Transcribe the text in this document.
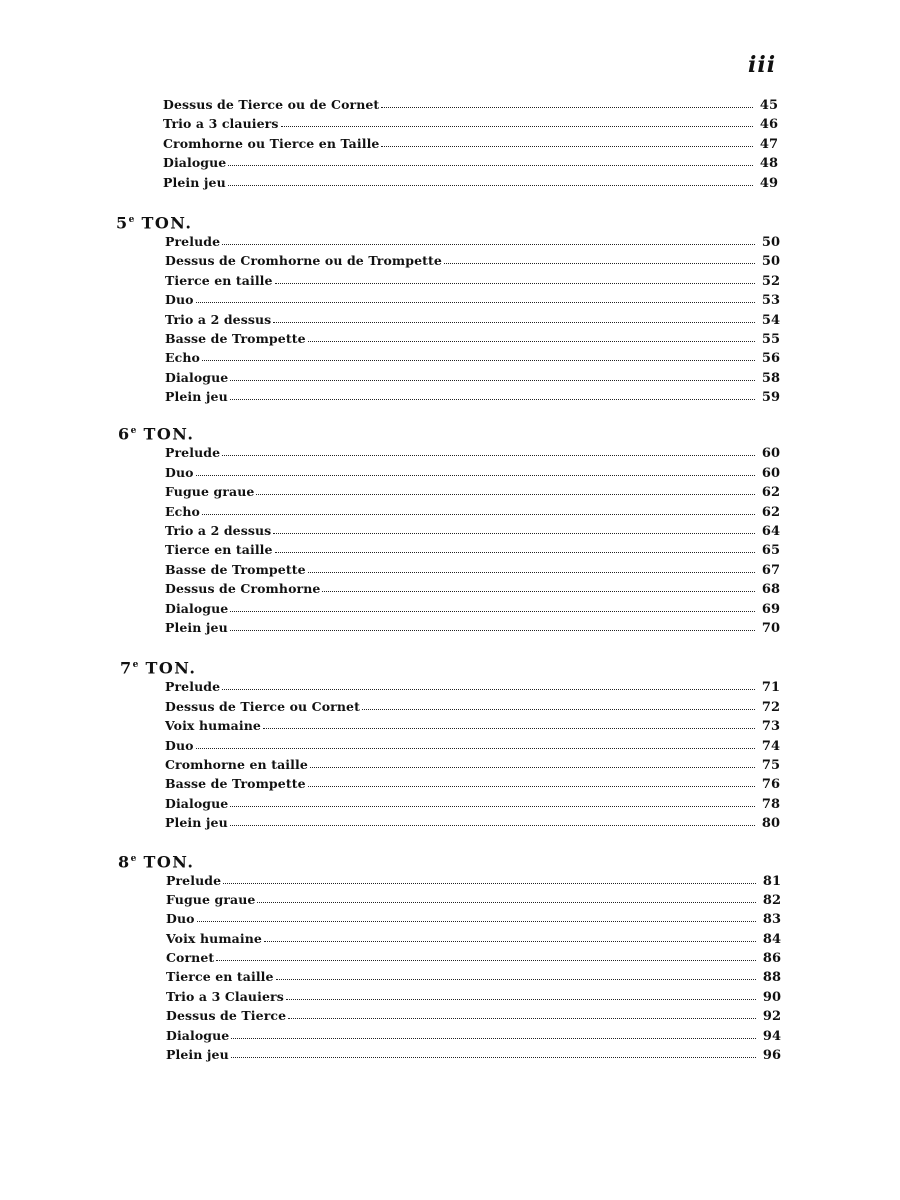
iii
Dessus de Tierce ou de Cornet	45
Trio a 3 clauiers	46
Cromhorne ou Tierce en Taille	47
Dialogue	48
Plein jeu	49
5e TON.
Prelude	50
Dessus de Cromhorne ou de Trompette	50
Tierce en taille	52
Duo	53
Trio a 2 dessus	54
Basse de Trompette	55
Echo	56
Dialogue	58
Plein jeu	59
6e TON.
Prelude	60
Duo	60
Fugue graue	62
Echo	62
Trio a 2 dessus	64
Tierce en taille	65
Basse de Trompette	67
Dessus de Cromhorne	68
Dialogue	69
Plein jeu	70
7e TON.
Prelude	71
Dessus de Tierce ou Cornet	72
Voix humaine	73
Duo	74
Cromhorne en taille	75
Basse de Trompette	76
Dialogue	78
Plein jeu	80
8e TON.
Prelude	81
Fugue graue	82
Duo	83
Voix humaine	84
Cornet	86
Tierce en taille	88
Trio a 3 Clauiers	90
Dessus de Tierce	92
Dialogue	94
Plein jeu	96
